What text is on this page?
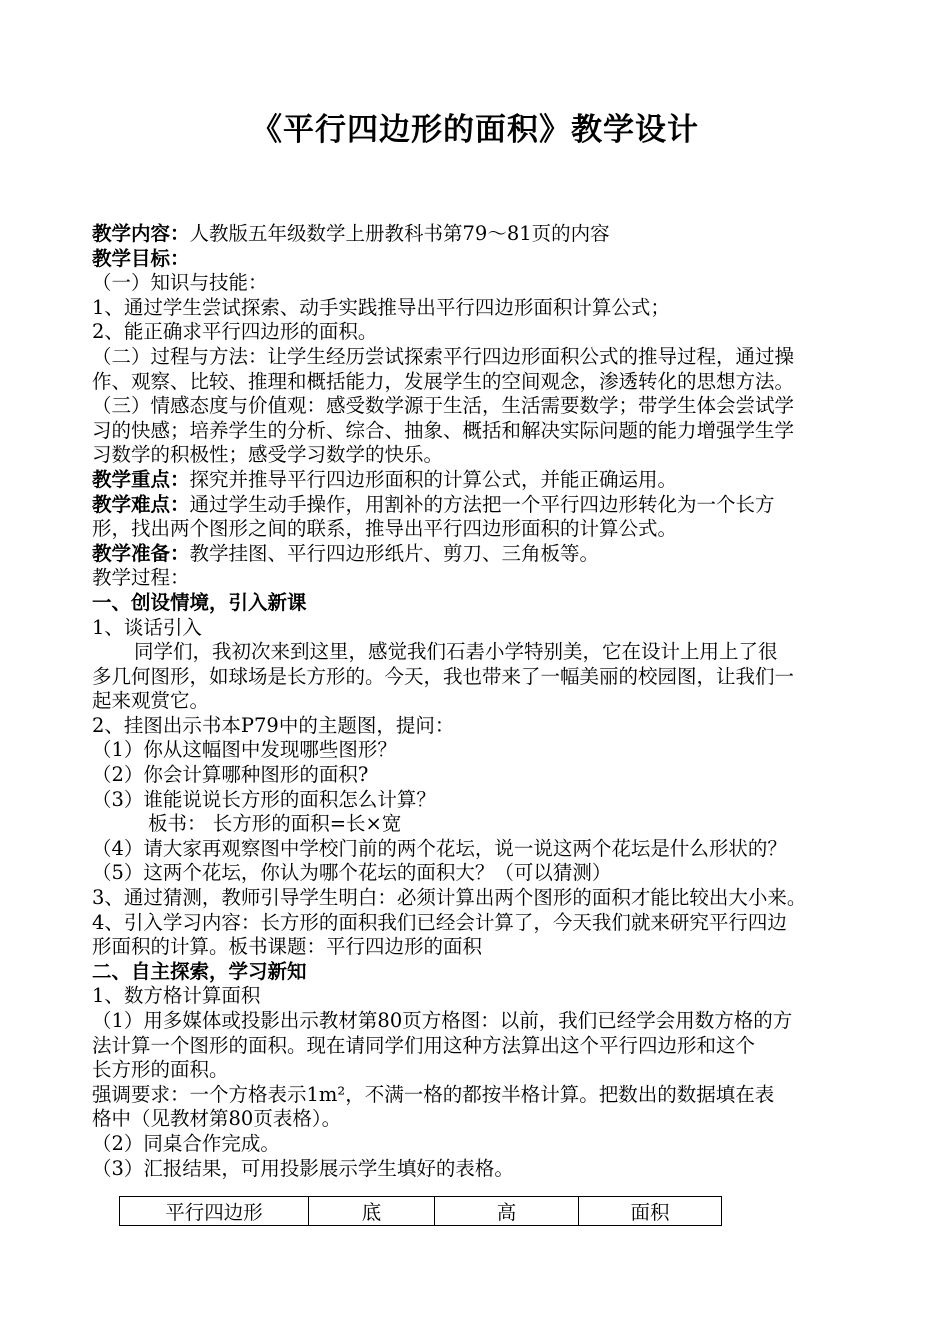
《平行四边形的面积》教学设计

教学内容：人教版五年级数学上册教科书第79～81页的内容

教学目标：

（一）知识与技能：

1、通过学生尝试探索、动手实践推导出平行四边形面积计算公式；

2、能正确求平行四边形的面积。

（二）过程与方法：让学生经历尝试探索平行四边形面积公式的推导过程，通过操

作、观察、比较、推理和概括能力，发展学生的空间观念，渗透转化的思想方法。

（三）情感态度与价值观：感受数学源于生活，生活需要数学；带学生体会尝试学

习的快感；培养学生的分析、综合、抽象、概括和解决实际问题的能力增强学生学

习数学的积极性；感受学习数学的快乐。

教学重点：探究并推导平行四边形面积的计算公式，并能正确运用。

教学难点：通过学生动手操作，用割补的方法把一个平行四边形转化为一个长方

形，找出两个图形之间的联系，推导出平行四边形面积的计算公式。

教学准备：教学挂图、平行四边形纸片、剪刀、三角板等。

教学过程：

一、创设情境，引入新课

1、谈话引入

同学们，我初次来到这里，感觉我们石砉小学特别美，它在设计上用上了很

多几何图形，如球场是长方形的。今天，我也带来了一幅美丽的校园图，让我们一

起来观赏它。

2、挂图出示书本P79中的主题图，提问：

（1）你从这幅图中发现哪些图形？

（2）你会计算哪种图形的面积?

（3）谁能说说长方形的面积怎么计算？

板书： 长方形的面积=长×宽

（4）请大家再观察图中学校门前的两个花坛，说一说这两个花坛是什么形状的？

（5）这两个花坛，你认为哪个花坛的面积大？（可以猜测）

3、通过猜测，教师引导学生明白：必须计算出两个图形的面积才能比较出大小来。

4、引入学习内容：长方形的面积我们已经会计算了，今天我们就来研究平行四边

形面积的计算。板书课题：平行四边形的面积

二、自主探索，学习新知

1、数方格计算面积

（1）用多媒体或投影出示教材第80页方格图：以前，我们已经学会用数方格的方

法计算一个图形的面积。现在请同学们用这种方法算出这个平行四边形和这个

长方形的面积。

强调要求：一个方格表示1m²，不满一格的都按半格计算。把数出的数据填在表

格中（见教材第80页表格）。

（2）同桌合作完成。

（3）汇报结果，可用投影展示学生填好的表格。

平行四边形	底	高	面积
